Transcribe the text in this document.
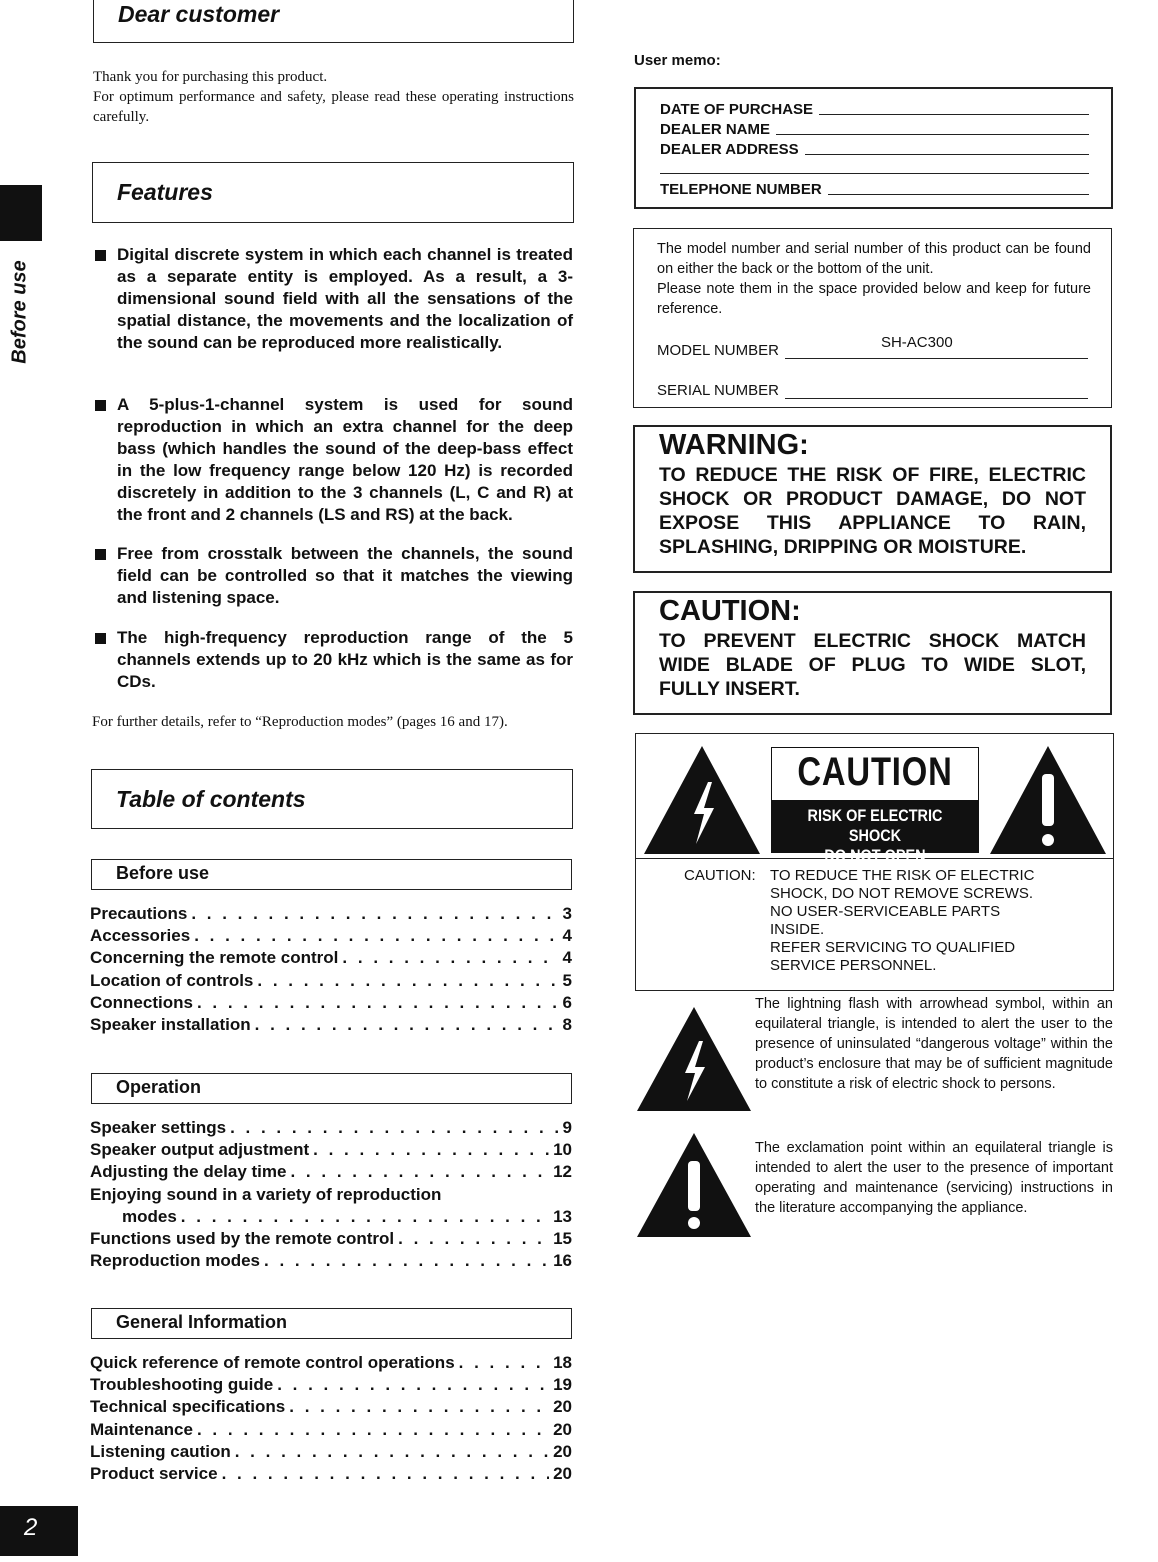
Dear customer
Thank you for purchasing this product.
For optimum performance and safety, please read these operating instructions carefully.
Features
Digital discrete system in which each channel is treated as a separate entity is employed. As a result, a 3-dimensional sound field with all the sensations of the spatial distance, the movements and the localization of the sound can be reproduced more realistically.
A 5-plus-1-channel system is used for sound reproduction in which an extra channel for the deep bass (which handles the sound of the deep-bass effect in the low frequency range below 120 Hz) is recorded discretely in addition to the 3 channels (L, C and R) at the front and 2 channels (LS and RS) at the back.
Free from crosstalk between the channels, the sound field can be controlled so that it matches the viewing and listening space.
The high-frequency reproduction range of the 5 channels extends up to 20 kHz which is the same as for CDs.
For further details, refer to “Reproduction modes” (pages 16 and 17).
Table of contents
Before use
Precautions . . .	3
Accessories . . .	4
Concerning the remote control . . .	4
Location of controls . . .	5
Connections . . .	6
Speaker installation . . .	8
Operation
Speaker settings . . .	9
Speaker output adjustment . . .	10
Adjusting the delay time . . .	12
Enjoying sound in a variety of reproduction
modes . . .	13
Functions used by the remote control . . .	15
Reproduction modes . . .	16
General Information
Quick reference of remote control operations . . .	18
Troubleshooting guide . . .	19
Technical specifications . . .	20
Maintenance . . .	20
Listening caution . . .	20
Product service . . .	20
Before use
2
User memo:
DATE OF PURCHASE
DEALER NAME
DEALER ADDRESS
TELEPHONE NUMBER
The model number and serial number of this product can be found on either the back or the bottom of the unit.
Please note them in the space provided below and keep for future reference.
MODEL NUMBER	SH-AC300
SERIAL NUMBER
WARNING:
TO REDUCE THE RISK OF FIRE, ELECTRIC SHOCK OR PRODUCT DAMAGE, DO NOT EXPOSE THIS APPLIANCE TO RAIN, SPLASHING, DRIPPING OR MOISTURE.
CAUTION:
TO PREVENT ELECTRIC SHOCK MATCH WIDE BLADE OF PLUG TO WIDE SLOT, FULLY INSERT.
CAUTION
RISK OF ELECTRIC SHOCK
DO NOT OPEN
CAUTION: TO REDUCE THE RISK OF ELECTRIC
SHOCK, DO NOT REMOVE SCREWS.
NO USER-SERVICEABLE PARTS
INSIDE.
REFER SERVICING TO QUALIFIED
SERVICE PERSONNEL.
The lightning flash with arrowhead symbol, within an equilateral triangle, is intended to alert the user to the presence of uninsulated “dangerous voltage” within the product’s enclosure that may be of sufficient magnitude to constitute a risk of electric shock to persons.
The exclamation point within an equilateral triangle is intended to alert the user to the presence of important operating and maintenance (servicing) instructions in the literature accompanying the appliance.
